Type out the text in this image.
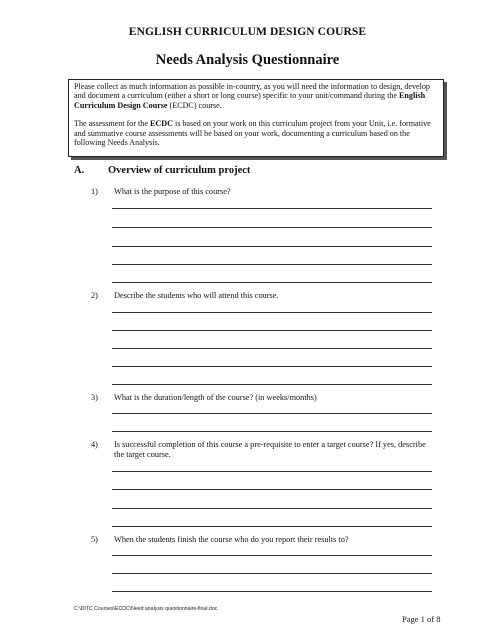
ENGLISH CURRICULUM DESIGN COURSE
Needs Analysis Questionnaire

Please collect as much information as possible in-country, as you will need the information to design, develop and document a curriculum (either a short or long course) specific to your unit/command during the English Curriculum Design Course (ECDC) course.

The assessment for the ECDC is based on your work on this curriculum project from your Unit, i.e. formative and summative course assessments will be based on your work, documenting a curriculum based on the following Needs Analysis.

A. Overview of curriculum project
1)	What is the purpose of this course?
2)	Describe the students who will attend this course.
3)	What is the duration/length of the course? (in weeks/months)
4)	Is successful completion of this course a pre-requisite to enter a target course? If yes, describe the target course.
5)	When the students finish the course who do you report their results to?
C:\DITC Courses\ECDC\Need analysis questionnaire-final.doc
Page 1 of 8
